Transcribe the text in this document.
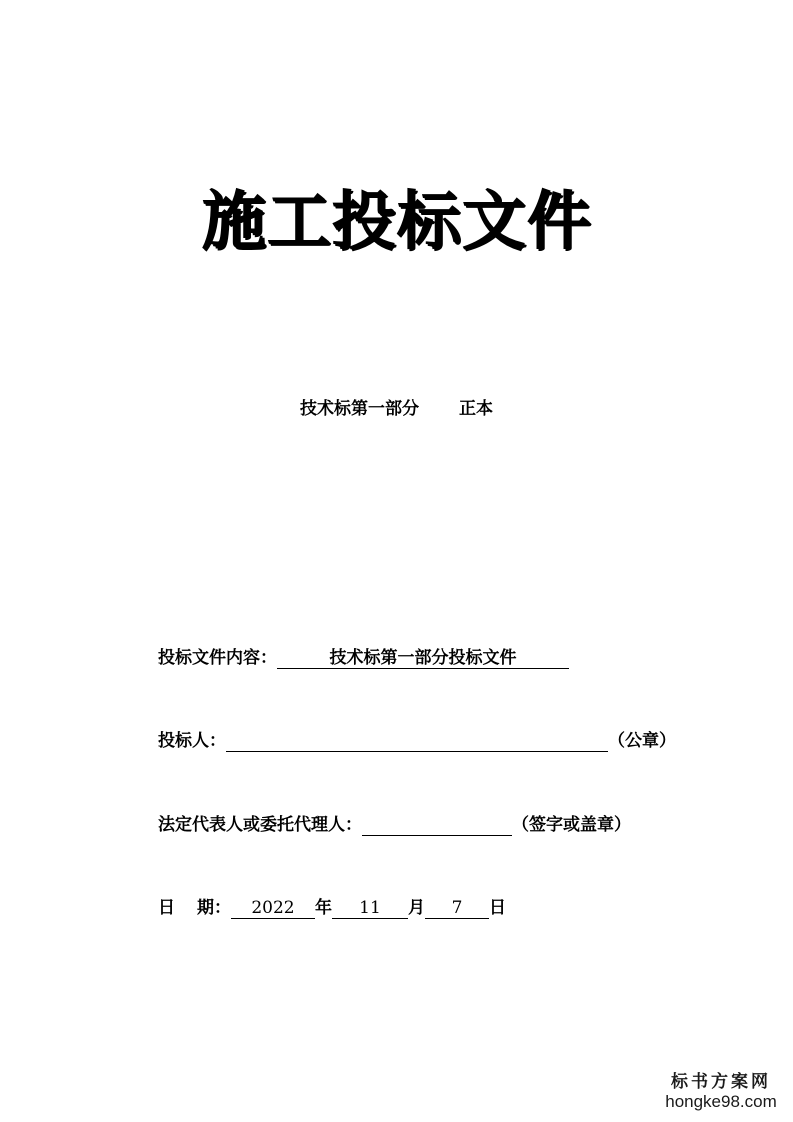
施工投标文件
技术标第一部分 正本
投标文件内容：	技术标第一部分投标文件
投标人：	（公章）
法定代表人或委托代理人：	（签字或盖章）
日 期： 2022 年 11 月 7 日
标书方案网
hongke98.com
